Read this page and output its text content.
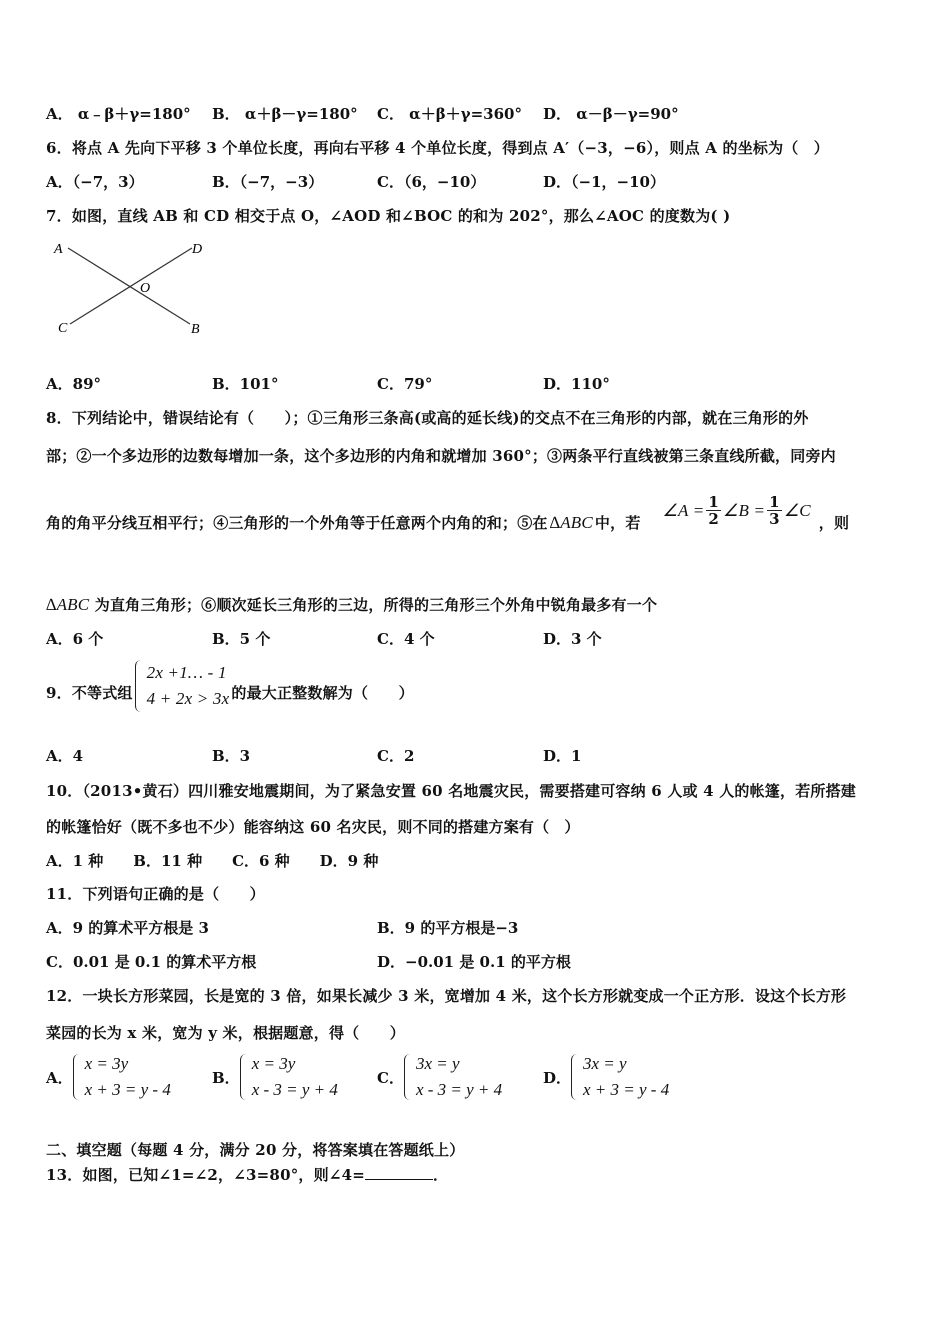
A． α﹣β＋γ=180° B． α＋β－γ=180° C． α＋β＋γ=360° D． α－β－γ=90°
6．将点 A 先向下平移 3 个单位长度，再向右平移 4 个单位长度，得到点 A′（−3，−6），则点 A 的坐标为（　）
A．（−7，3）	B．（−7，−3）	C．（6，−10）	D．（−1，−10）
7．如图，直线 AB 和 CD 相交于点 O，∠AOD 和∠BOC 的和为 202°，那么∠AOC 的度数为( )
A	D
C	B
O
A．89°	B．101°	C．79°	D．110°
8．下列结论中，错误结论有（　　）；①三角形三条高(或高的延长线)的交点不在三角形的内部，就在三角形的外
部；②一个多边形的边数每增加一条，这个多边形的内角和就增加 360°；③两条平行直线被第三条直线所截，同旁内
角的角平分线互相平行；④三角形的一个外角等于任意两个内角的和；⑤在 ∆ABC 中，若
∠A = $\frac{1}{2}$ ∠B = $\frac{1}{3}$ ∠C
，则
∆ABC 为直角三角形；⑥顺次延长三角形的三边，所得的三角形三个外角中锐角最多有一个
A．6 个	B．5 个	C．4 个	D．3 个
9．不等式组
2x +1… - 1
4 + 2x > 3x 的最大正整数解为（　　）
A．4	B．3	C．2	D．1
10．（2013•黄石）四川雅安地震期间，为了紧急安置 60 名地震灾民，需要搭建可容纳 6 人或 4 人的帐篷，若所搭建
的帐篷恰好（既不多也不少）能容纳这 60 名灾民，则不同的搭建方案有（　）
A．1 种　　B．11 种　　C．6 种　　D．9 种
11．下列语句正确的是（　　）
A．9 的算术平方根是 3	B．9 的平方根是−3
C．0.01 是 0.1 的算术平方根	D．−0.01 是 0.1 的平方根
12．一块长方形菜园，长是宽的 3 倍，如果长减少 3 米，宽增加 4 米，这个长方形就变成一个正方形．设这个长方形
菜园的长为 x 米，宽为 y 米，根据题意，得（　　）
A．
x = 3y
x + 3 = y - 4
B．
x = 3y
x - 3 = y + 4
C．
3x = y
x - 3 = y + 4
D．
3x = y
x + 3 = y - 4
二、填空题（每题 4 分，满分 20 分，将答案填在答题纸上）
13．如图，已知∠1=∠2，∠3=80°，则∠4=	．
